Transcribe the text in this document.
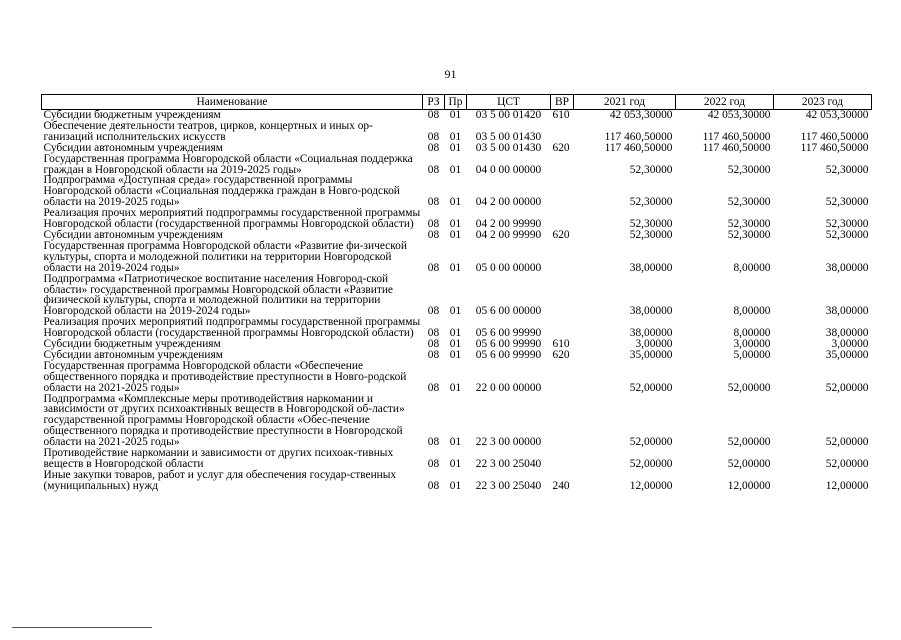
91
Наименование	РЗ	Пр	ЦСТ	ВР	2021 год	2022 год	2023 год
Субсидии бюджетным учреждениям	08	01	03 5 00 01420	610	42 053,30000	42 053,30000	42 053,30000
Обеспечение деятельности театров, цирков, концертных и иных ор-ганизаций исполнительских искусств	08	01	03 5 00 01430		117 460,50000	117 460,50000	117 460,50000
Субсидии автономным учреждениям	08	01	03 5 00 01430	620	117 460,50000	117 460,50000	117 460,50000
Государственная программа Новгородской области «Социальная поддержка граждан в Новгородской области на 2019-2025 годы»	08	01	04 0 00 00000		52,30000	52,30000	52,30000
Подпрограмма «Доступная среда» государственной программы Новгородской области «Социальная поддержка граждан в Новго-родской области на 2019-2025 годы»	08	01	04 2 00 00000		52,30000	52,30000	52,30000
Реализация прочих мероприятий подпрограммы государственной программы Новгородской области (государственной программы Новгородской области)	08	01	04 2 00 99990		52,30000	52,30000	52,30000
Субсидии автономным учреждениям	08	01	04 2 00 99990	620	52,30000	52,30000	52,30000
Государственная программа Новгородской области «Развитие фи-зической культуры, спорта и молодежной политики на территории Новгородской области на 2019-2024 годы»	08	01	05 0 00 00000		38,00000	8,00000	38,00000
Подпрограмма «Патриотическое воспитание населения Новгород-ской области» государственной программы Новгородской области «Развитие физической культуры, спорта и молодежной политики на территории Новгородской области на 2019-2024 годы»	08	01	05 6 00 00000		38,00000	8,00000	38,00000
Реализация прочих мероприятий подпрограммы государственной программы Новгородской области (государственной программы Новгородской области)	08	01	05 6 00 99990		38,00000	8,00000	38,00000
Субсидии бюджетным учреждениям	08	01	05 6 00 99990	610	3,00000	3,00000	3,00000
Субсидии автономным учреждениям	08	01	05 6 00 99990	620	35,00000	5,00000	35,00000
Государственная программа Новгородской области «Обеспечение общественного порядка и противодействие преступности в Новго-родской области на 2021-2025 годы»	08	01	22 0 00 00000		52,00000	52,00000	52,00000
Подпрограмма «Комплексные меры противодействия наркомании и зависимости от других психоактивных веществ в Новгородской об-ласти» государственной программы Новгородской области «Обес-печение общественного порядка и противодействие преступности в Новгородской области на 2021-2025 годы»	08	01	22 3 00 00000		52,00000	52,00000	52,00000
Противодействие наркомании и зависимости от других психоак-тивных веществ в Новгородской области	08	01	22 3 00 25040		52,00000	52,00000	52,00000
Иные закупки товаров, работ и услуг для обеспечения государ-ственных (муниципальных) нужд	08	01	22 3 00 25040	240	12,00000	12,00000	12,00000
